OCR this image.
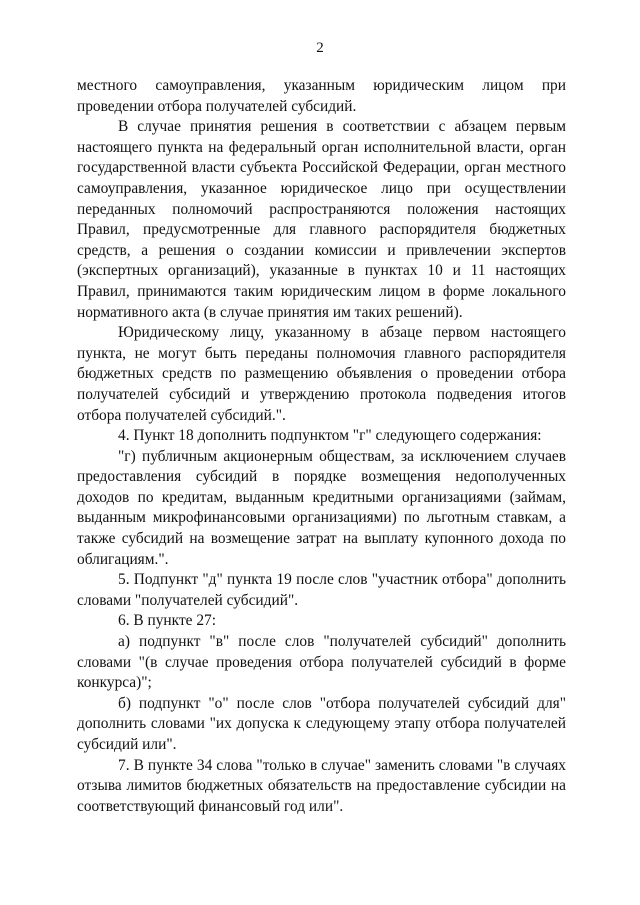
2

местного самоуправления, указанным юридическим лицом при проведении отбора получателей субсидий.

В случае принятия решения в соответствии с абзацем первым настоящего пункта на федеральный орган исполнительной власти, орган государственной власти субъекта Российской Федерации, орган местного самоуправления, указанное юридическое лицо при осуществлении переданных полномочий распространяются положения настоящих Правил, предусмотренные для главного распорядителя бюджетных средств, а решения о создании комиссии и привлечении экспертов (экспертных организаций), указанные в пунктах 10 и 11 настоящих Правил, принимаются таким юридическим лицом в форме локального нормативного акта (в случае принятия им таких решений).

Юридическому лицу, указанному в абзаце первом настоящего пункта, не могут быть переданы полномочия главного распорядителя бюджетных средств по размещению объявления о проведении отбора получателей субсидий и утверждению протокола подведения итогов отбора получателей субсидий.".

4. Пункт 18 дополнить подпунктом "г" следующего содержания:

"г) публичным акционерным обществам, за исключением случаев предоставления субсидий в порядке возмещения недополученных доходов по кредитам, выданным кредитными организациями (займам, выданным микрофинансовыми организациями) по льготным ставкам, а также субсидий на возмещение затрат на выплату купонного дохода по облигациям.".

5. Подпункт "д" пункта 19 после слов "участник отбора" дополнить словами "получателей субсидий".

6. В пункте 27:

а) подпункт "в" после слов "получателей субсидий" дополнить словами "(в случае проведения отбора получателей субсидий в форме конкурса)";

б) подпункт "о" после слов "отбора получателей субсидий для" дополнить словами "их допуска к следующему этапу отбора получателей субсидий или".

7. В пункте 34 слова "только в случае" заменить словами "в случаях отзыва лимитов бюджетных обязательств на предоставление субсидии на соответствующий финансовый год или".
